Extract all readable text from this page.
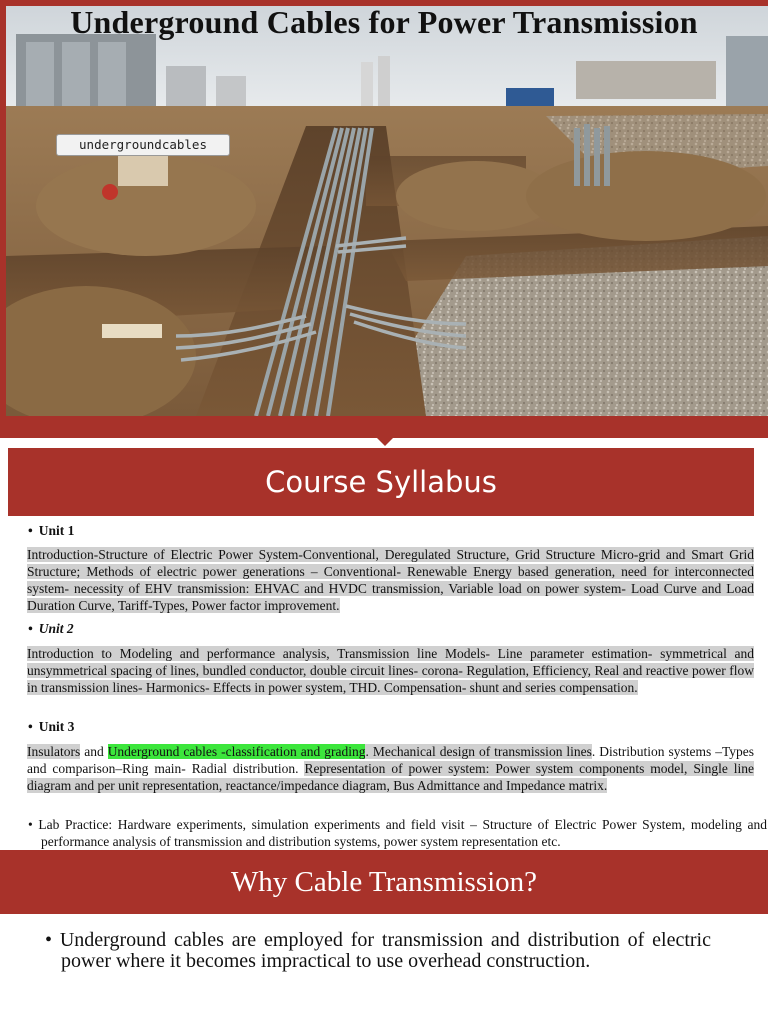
Underground Cables for Power Transmission
undergroundcables
Course Syllabus
• Unit 1
Introduction-Structure of Electric Power System-Conventional, Deregulated Structure, Grid Structure Micro-grid and Smart Grid Structure; Methods of electric power generations – Conventional- Renewable Energy based generation, need for interconnected system- necessity of EHV transmission: EHVAC and HVDC transmission, Variable load on power system- Load Curve and Load Duration Curve, Tariff-Types, Power factor improvement.
• Unit 2
Introduction to Modeling and performance analysis, Transmission line Models- Line parameter estimation- symmetrical and unsymmetrical spacing of lines, bundled conductor, double circuit lines- corona- Regulation, Efficiency, Real and reactive power flow in transmission lines- Harmonics- Effects in power system, THD. Compensation- shunt and series compensation.
• Unit 3
Insulators and Underground cables -classification and grading. Mechanical design of transmission lines. Distribution systems –Types and comparison–Ring main- Radial distribution. Representation of power system: Power system components model, Single line diagram and per unit representation, reactance/impedance diagram, Bus Admittance and Impedance matrix.
• Lab Practice: Hardware experiments, simulation experiments and field visit – Structure of Electric Power System, modeling and performance analysis of transmission and distribution systems, power system representation etc.
Why Cable Transmission?
• Underground cables are employed for transmission and distribution of electric power where it becomes impractical to use overhead construction.
